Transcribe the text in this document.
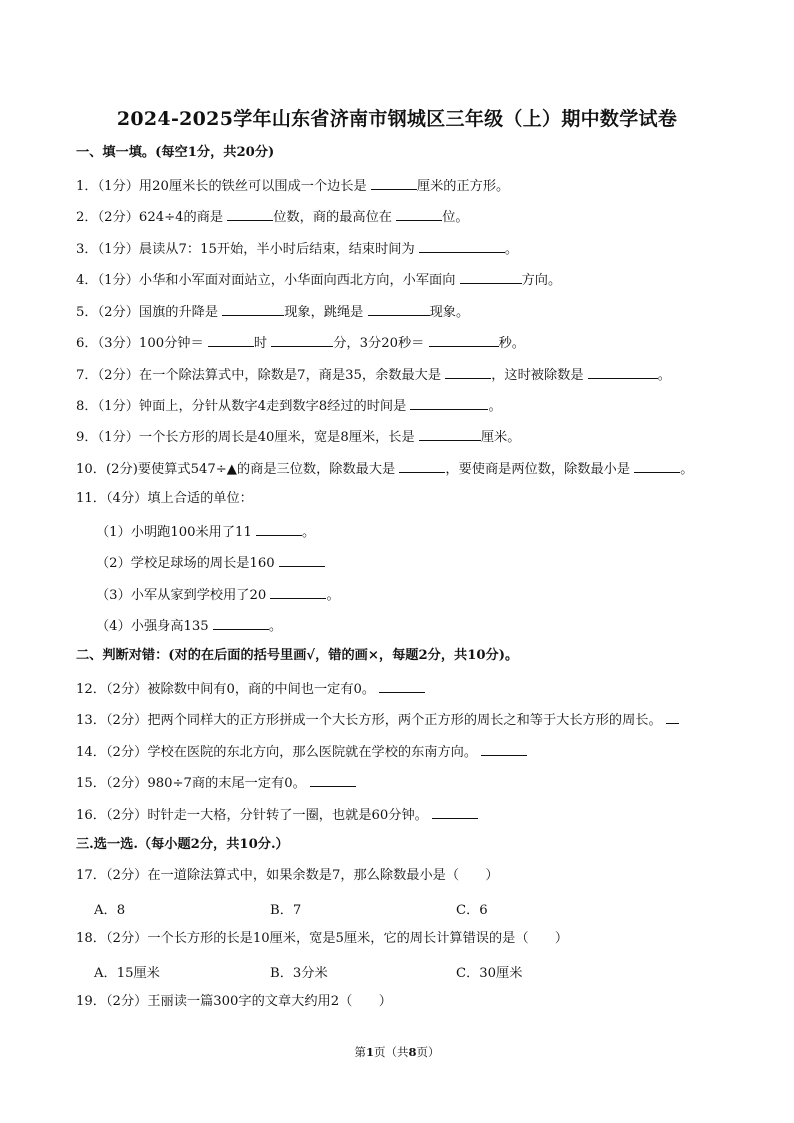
2024-2025学年山东省济南市钢城区三年级（上）期中数学试卷
一、填一填。(每空1分，共20分)
1．（1分）用20厘米长的铁丝可以围成一个边长是	厘米的正方形。
2．（2分）624÷4的商是	位数，商的最高位在	位。
3．（1分）晨读从7：15开始，半小时后结束，结束时间为	。
4．（1分）小华和小军面对面站立，小华面向西北方向，小军面向	方向。
5．（2分）国旗的升降是	现象，跳绳是	现象。
6．（3分）100分钟＝	时	分，3分20秒＝	秒。
7．（2分）在一个除法算式中，除数是7，商是35，余数最大是	，这时被除数是	。
8．（1分）钟面上，分针从数字4走到数字8经过的时间是	。
9．（1分）一个长方形的周长是40厘米，宽是8厘米，长是	厘米。
10．(2分)要使算式547÷▲的商是三位数，除数最大是	，要使商是两位数，除数最小是	。
11．（4分）填上合适的单位：
（1）小明跑100米用了11	。
（2）学校足球场的周长是160
（3）小军从家到学校用了20	。
（4）小强身高135	。
二、判断对错：(对的在后面的括号里画√，错的画×，每题2分，共10分)。
12．（2分）被除数中间有0，商的中间也一定有0。
13．（2分）把两个同样大的正方形拼成一个大长方形，两个正方形的周长之和等于大长方形的周长。
14．（2分）学校在医院的东北方向，那么医院就在学校的东南方向。
15．（2分）980÷7商的末尾一定有0。
16．（2分）时针走一大格，分针转了一圈，也就是60分钟。
三.选一选.（每小题2分，共10分.）
17．（2分）在一道除法算式中，如果余数是7，那么除数最小是（　　）
A．8	B．7	C．6
18．（2分）一个长方形的长是10厘米，宽是5厘米，它的周长计算错误的是（　　）
A．15厘米	B．3分米	C．30厘米
19．（2分）王丽读一篇300字的文章大约用2（　　）
第1页（共8页）
